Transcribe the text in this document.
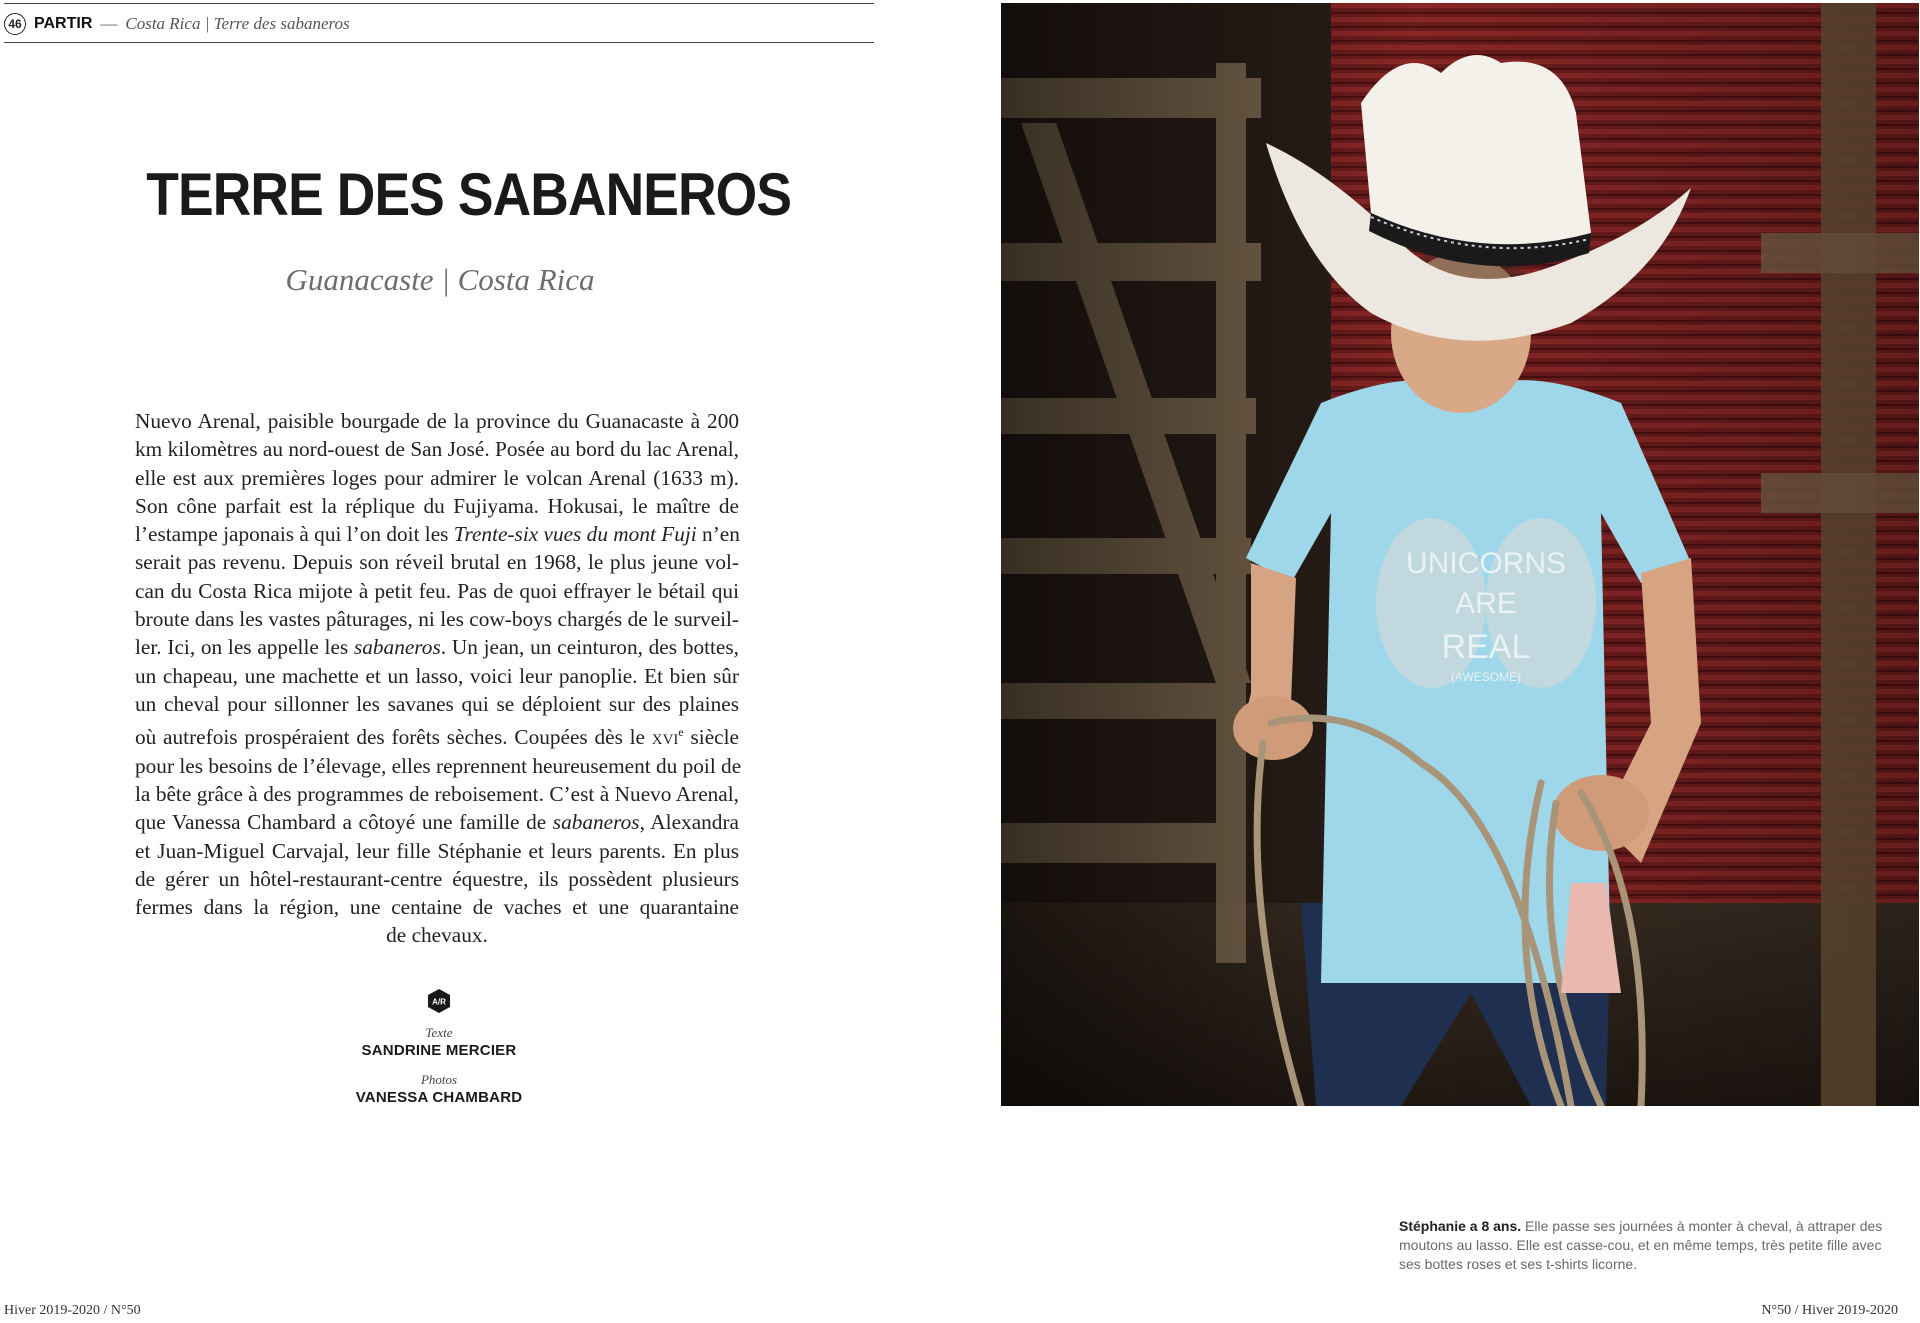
46 PARTIR — Costa Rica | Terre des sabaneros
TERRE DES SABANEROS
Guanacaste | Costa Rica
Nuevo Arenal, paisible bourgade de la province du Guanacaste à 200
km kilomètres au nord-ouest de San José. Posée au bord du lac Arenal,
elle est aux premières loges pour admirer le volcan Arenal (1633 m).
Son cône parfait est la réplique du Fujiyama. Hokusai, le maître de
l’estampe japonais à qui l’on doit les Trente-six vues du mont Fuji n’en
serait pas revenu. Depuis son réveil brutal en 1968, le plus jeune vol-
can du Costa Rica mijote à petit feu. Pas de quoi effrayer le bétail qui
broute dans les vastes pâturages, ni les cow-boys chargés de le surveil-
ler. Ici, on les appelle les sabaneros. Un jean, un ceinturon, des bottes,
un chapeau, une machette et un lasso, voici leur panoplie. Et bien sûr
un cheval pour sillonner les savanes qui se déploient sur des plaines
où autrefois prospéraient des forêts sèches. Coupées dès le xvi$^e$ siècle
pour les besoins de l’élevage, elles reprennent heureusement du poil de
la bête grâce à des programmes de reboisement. C’est à Nuevo Arenal,
que Vanessa Chambard a côtoyé une famille de sabaneros, Alexandra
et Juan-Miguel Carvajal, leur fille Stéphanie et leurs parents. En plus
de gérer un hôtel-restaurant-centre équestre, ils possèdent plusieurs
fermes dans la région, une centaine de vaches et une quarantaine
de chevaux.
A/R
Texte
SANDRINE MERCIER
Photos
VANESSA CHAMBARD
Hiver 2019-2020 / N°50
UNICORNS
ARE
REAL
(AWESOME)
Stéphanie a 8 ans. Elle passe ses journées à monter à cheval, à attraper des moutons au lasso. Elle est casse-cou, et en même temps, très petite fille avec ses bottes roses et ses t-shirts licorne.
N°50 / Hiver 2019-2020
